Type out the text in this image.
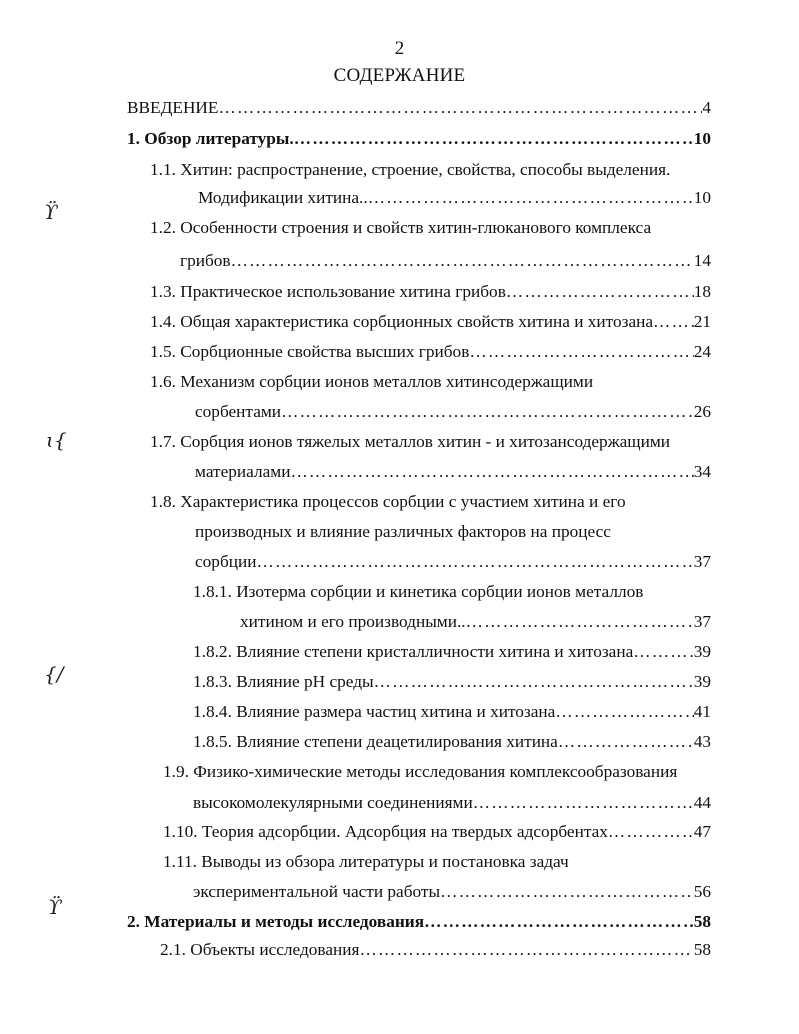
2
СОДЕРЖАНИЕ
ВВЕДЕНИЕ ………………………………………………………………………………………………………………………………………………………………………………	4
1. Обзор литературы. ………………………………………………………………………………………………………………………………………………………………………………	10
1.1. Хитин: распространение, строение, свойства, способы выделения.
Модификации хитина.. ………………………………………………………………………………………………………………………………………………………………………………	10
1.2. Особенности строения и свойств хитин-глюканового комплекса
грибов ………………………………………………………………………………………………………………………………………………………………………………	14
1.3. Практическое использование хитина грибов ………………………………………………………………………………………………………………………………………………………………………………	18
1.4. Общая характеристика сорбционных свойств хитина и хитозана ……………………………………………………………………………………………………………………………………………………………………………… 21
1.5. Сорбционные свойства высших грибов ………………………………………………………………………………………………………………………………………………………………………………	24
1.6. Механизм сорбции ионов металлов хитинсодержащими
сорбентами ………………………………………………………………………………………………………………………………………………………………………………	26
1.7. Сорбция ионов тяжелых металлов хитин - и хитозансодержащими
материалами ………………………………………………………………………………………………………………………………………………………………………………	34
1.8. Характеристика процессов сорбции с участием хитина и его
производных и влияние различных факторов на процесс
сорбции ………………………………………………………………………………………………………………………………………………………………………………	37
1.8.1. Изотерма сорбции и кинетика сорбции ионов металлов
хитином и его производными.. ………………………………………………………………………………………………………………………………………………………………………………	37
1.8.2. Влияние степени кристалличности хитина и хитозана ………………………………………………………………………………………………………………………………………………………………………………	39
1.8.3. Влияние pH среды ………………………………………………………………………………………………………………………………………………………………………………	39
1.8.4. Влияние размера частиц хитина и хитозана ………………………………………………………………………………………………………………………………………………………………………………	41
1.8.5. Влияние степени деацетилирования хитина ………………………………………………………………………………………………………………………………………………………………………………	43
1.9. Физико-химические методы исследования комплексообразования
высокомолекулярными соединениями ………………………………………………………………………………………………………………………………………………………………………………	44
1.10. Теория адсорбции. Адсорбция на твердых адсорбентах ………………………………………………………………………………………………………………………………………………………………………………	47
1.11. Выводы из обзора литературы и постановка задач
экспериментальной части работы ………………………………………………………………………………………………………………………………………………………………………………	56
2. Материалы и методы исследования ………………………………………………………………………………………………………………………………………………………………………………	58
2.1. Объекты исследования ………………………………………………………………………………………………………………………………………………………………………………	58
ϔ
ɩ{
{/
ϔ
